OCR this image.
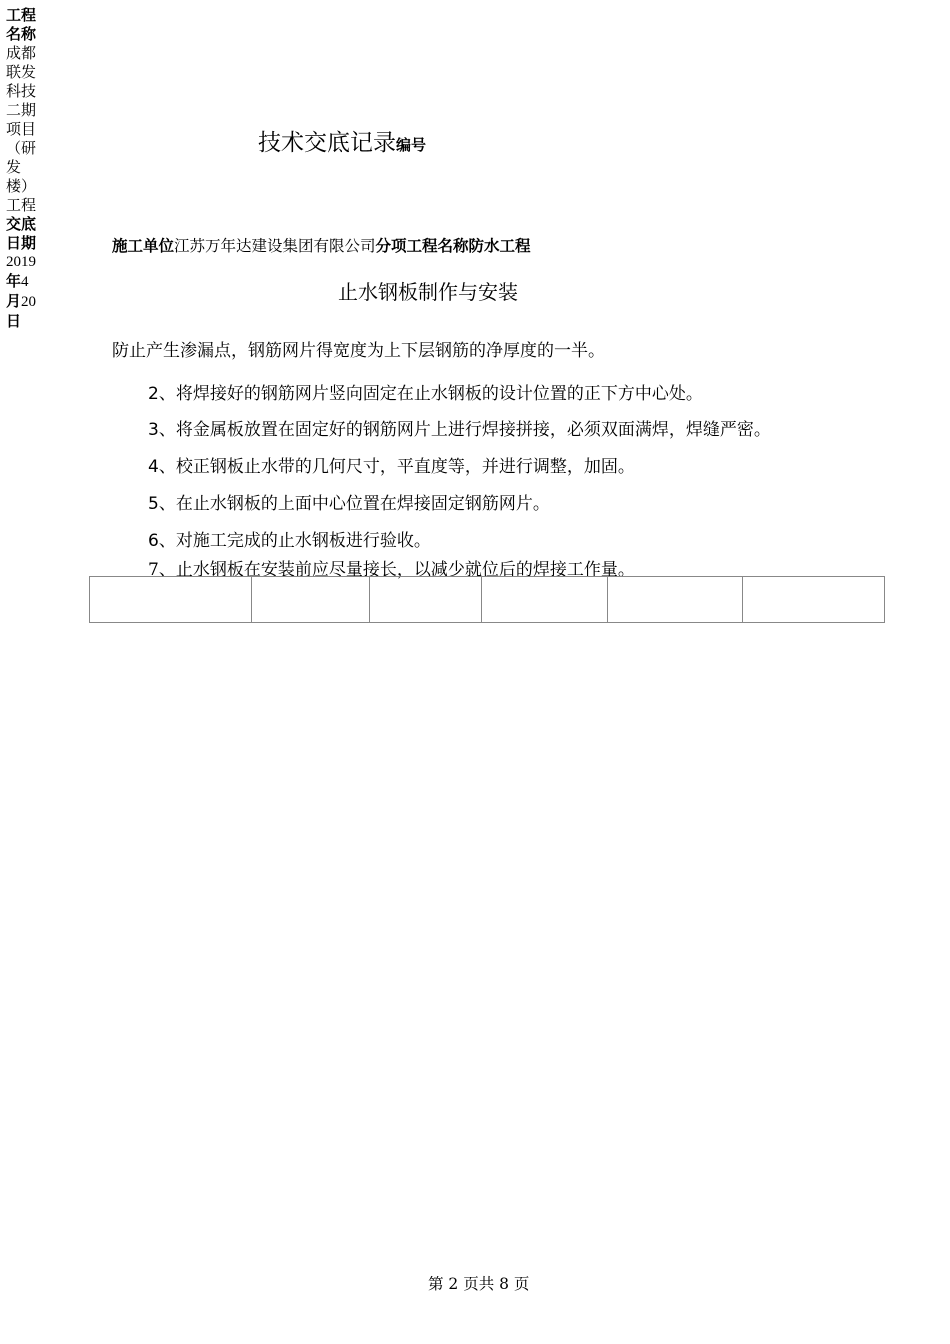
工程名称
成都联发科技二期项目（研发楼）工程
交底日期
2019
年4
月20
日
技术交底记录编号
施工单位江苏万年达建设集团有限公司分项工程名称防水工程
止水钢板制作与安装
防止产生渗漏点，钢筋网片得宽度为上下层钢筋的净厚度的一半。
2、将焊接好的钢筋网片竖向固定在止水钢板的设计位置的正下方中心处。
3、将金属板放置在固定好的钢筋网片上进行焊接拼接，必须双面满焊，焊缝严密。
4、校正钢板止水带的几何尺寸，平直度等，并进行调整，加固。
5、在止水钢板的上面中心位置在焊接固定钢筋网片。
6、对施工完成的止水钢板进行验收。
7、止水钢板在安装前应尽量接长，以减少就位后的焊接工作量。

第 2 页共 8 页
